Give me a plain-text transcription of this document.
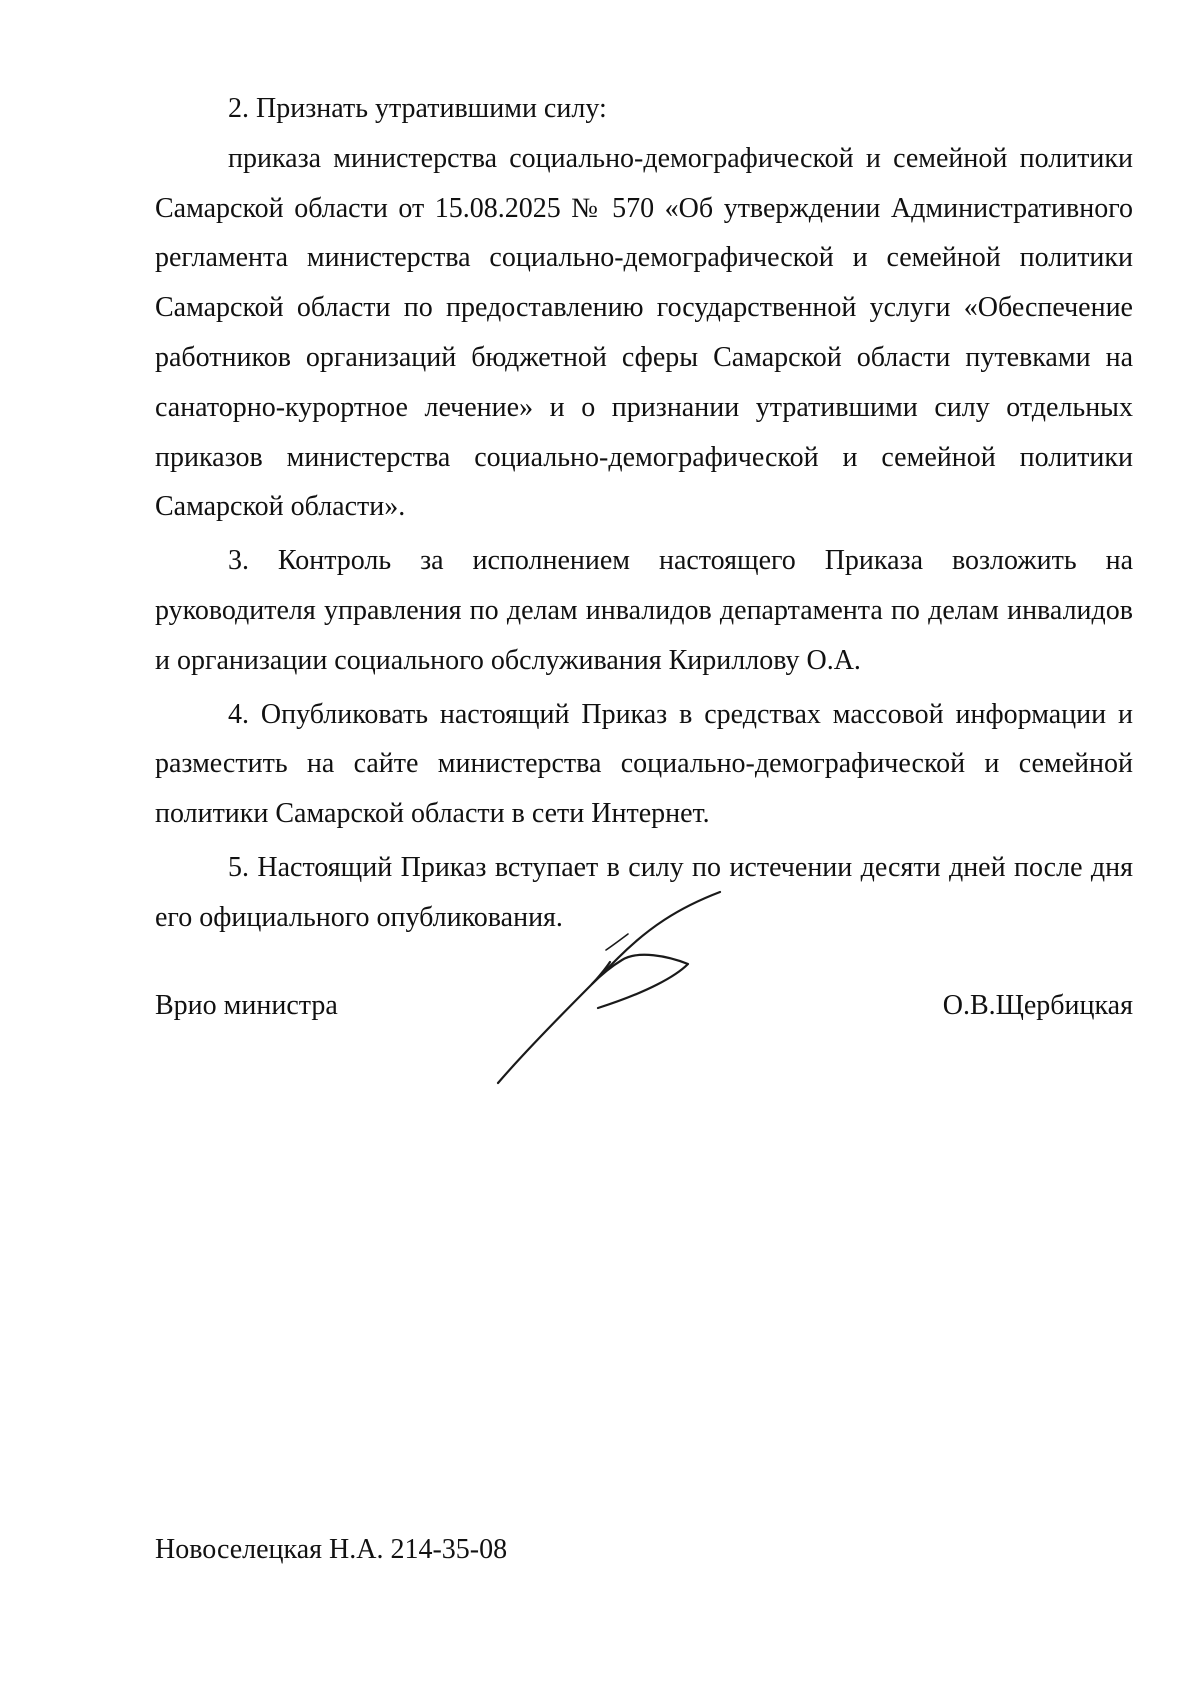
2. Признать утратившими силу:

приказа министерства социально-демографической и семейной политики Самарской области от 15.08.2025 № 570 «Об утверждении Административного регламента министерства социально-демографической и семейной политики Самарской области по предоставлению государственной услуги «Обеспечение работников организаций бюджетной сферы Самарской области путевками на санаторно-курортное лечение» и о признании утратившими силу отдельных приказов министерства социально-демографической и семейной политики Самарской области».

3. Контроль за исполнением настоящего Приказа возложить на руководителя управления по делам инвалидов департамента по делам инвалидов и организации социального обслуживания Кириллову О.А.

4. Опубликовать настоящий Приказ в средствах массовой информации и разместить на сайте министерства социально-демографической и семейной политики Самарской области в сети Интернет.

5. Настоящий Приказ вступает в силу по истечении десяти дней после дня его официального опубликования.

Врио министра	О.В.Щербицкая
Новоселецкая Н.А. 214-35-08
